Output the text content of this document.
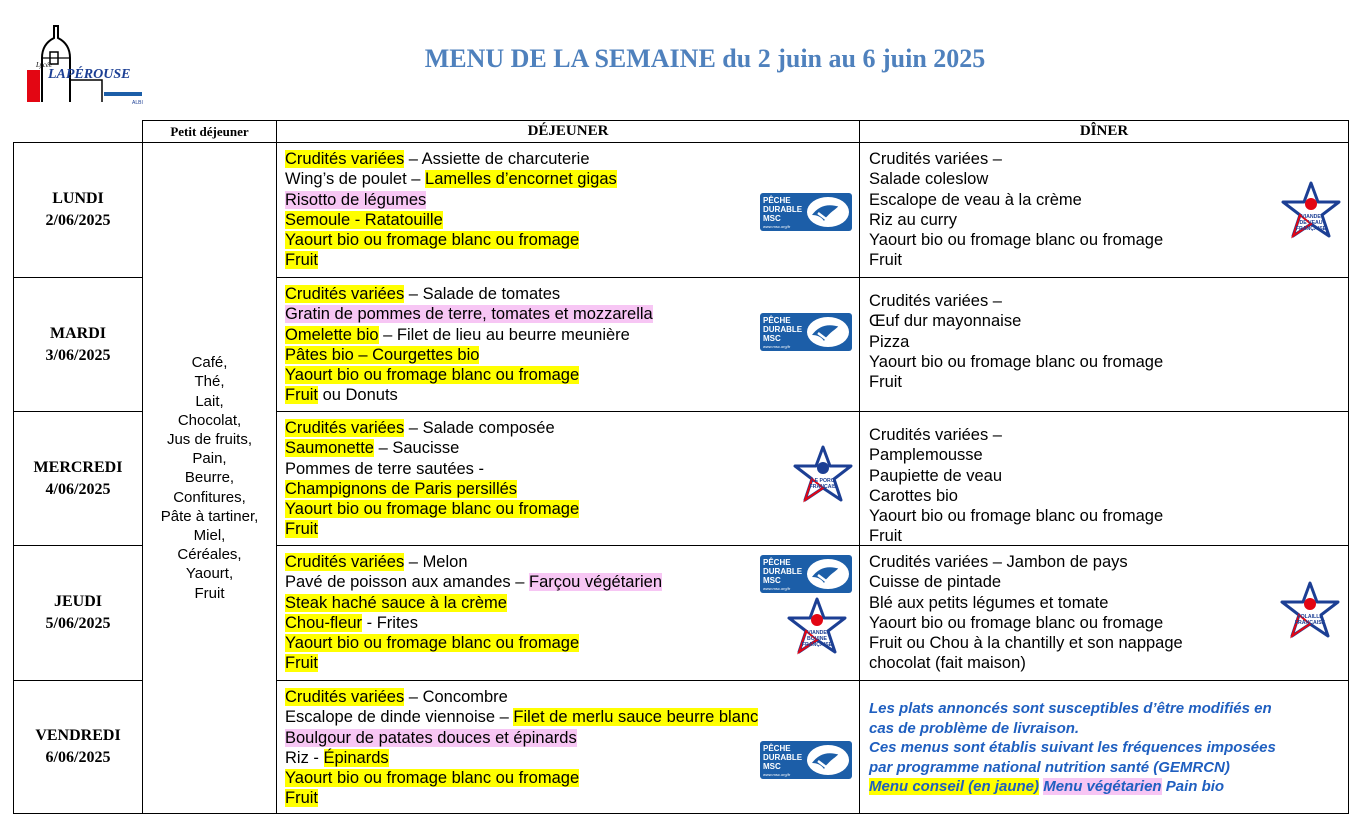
Lycée
LAPÉROUSE
ALBI
MENU DE LA SEMAINE du 2 juin au 6 juin 2025
Petit déjeuner	DÉJEUNER	DÎNER
Café,
Thé,
Lait,
Chocolat,
Jus de fruits,
Pain,
Beurre,
Confitures,
Pâte à tartiner,
Miel,
Céréales,
Yaourt,
Fruit
LUNDI
2/06/2025
Crudités variées – Assiette de charcuterie
Wing’s de poulet – Lamelles d’encornet gigas
Risotto de légumes
Semoule - Ratatouille
Yaourt bio ou fromage blanc ou fromage
Fruit
Crudités variées –
Salade coleslow
Escalope de veau à la crème
Riz au curry
Yaourt bio ou fromage blanc ou fromage
Fruit
MARDI
3/06/2025
Crudités variées – Salade de tomates
Gratin de pommes de terre, tomates et mozzarella
Omelette bio – Filet de lieu au beurre meunière
Pâtes bio – Courgettes bio
Yaourt bio ou fromage blanc ou fromage
Fruit ou Donuts
Crudités variées –
Œuf dur mayonnaise
Pizza
Yaourt bio ou fromage blanc ou fromage
Fruit
MERCREDI
4/06/2025
Crudités variées – Salade composée
Saumonette – Saucisse
Pommes de terre sautées -
Champignons de Paris persillés
Yaourt bio ou fromage blanc ou fromage
Fruit
Crudités variées –
Pamplemousse
Paupiette de veau
Carottes bio
Yaourt bio ou fromage blanc ou fromage
Fruit
JEUDI
5/06/2025
Crudités variées – Melon
Pavé de poisson aux amandes – Farçou végétarien
Steak haché sauce à la crème
Chou-fleur - Frites
Yaourt bio ou fromage blanc ou fromage
Fruit
Crudités variées – Jambon de pays
Cuisse de pintade
Blé aux petits légumes et tomate
Yaourt bio ou fromage blanc ou fromage
Fruit ou Chou à la chantilly et son nappage
chocolat (fait maison)
VENDREDI
6/06/2025
Crudités variées – Concombre
Escalope de dinde viennoise – Filet de merlu sauce beurre blanc
Boulgour de patates douces et épinards
Riz - Épinards
Yaourt bio ou fromage blanc ou fromage
Fruit
Les plats annoncés sont susceptibles d’être modifiés en
cas de problème de livraison.
Ces menus sont établis suivant les fréquences imposées
par programme national nutrition santé (GEMRCN)
Menu conseil (en jaune) Menu végétarien Pain bio
PÊCHE
DURABLE
MSC
www.msc.org/fr
PÊCHE
DURABLE
MSC
www.msc.org/fr
PÊCHE
DURABLE
MSC
www.msc.org/fr
PÊCHE
DURABLE
MSC
www.msc.org/fr
VIANDE
DE VEAU
FRANÇAISE
LE PORC
FRANÇAIS
VIANDE
BOVINE
FRANÇAISE
VOLAILLE
FRANÇAISE
